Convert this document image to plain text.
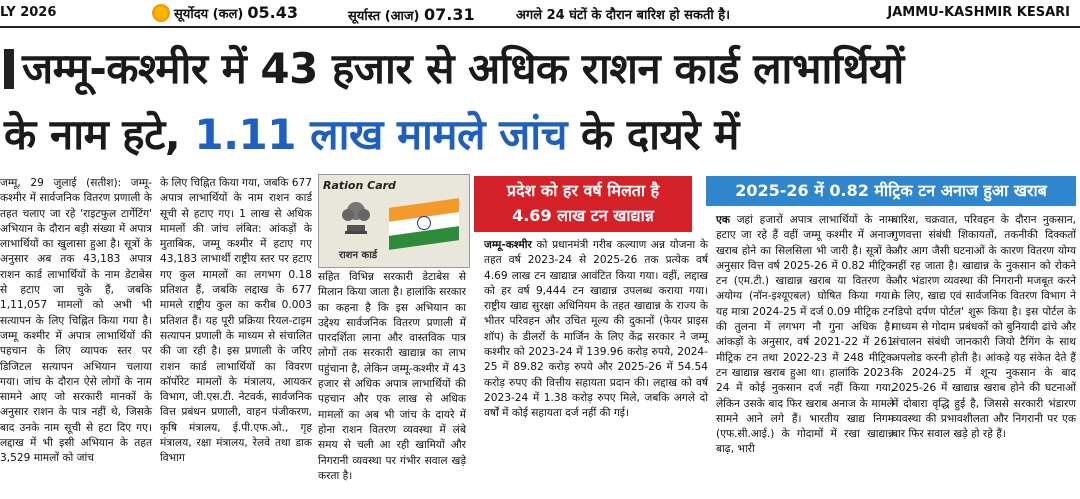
LY 2026	सूर्योदय (कल) 05.43	सूर्यास्त (आज) 07.31	अगले 24 घंटों के दौरान बारिश हो सकती है।	JAMMU-KASHMIR KESARI
जम्मू-कश्मीर में 43 हजार से अधिक राशन कार्ड लाभार्थियों
के नाम हटे, 1.11 लाख मामले जांच के दायरे में
जम्मू, 29 जुलाई (सतीश): जम्मू-कश्मीर में सार्वजनिक वितरण प्रणाली के तहत चलाए जा रहे 'राइटफुल टार्गेटिंग' अभियान के दौरान बड़ी संख्या में अपात्र लाभार्थियों का खुलासा हुआ है। सूत्रों के अनुसार अब तक 43,183 अपात्र राशन कार्ड लाभार्थियों के नाम डेटाबेस से हटाए जा चुके हैं, जबकि 1,11,057 मामलों को अभी भी सत्यापन के लिए चिह्नित किया गया है। जम्मू कश्मीर में अपात्र लाभार्थियों की पहचान के लिए व्यापक स्तर पर डिजिटल सत्यापन अभियान चलाया गया। जांच के दौरान ऐसे लोगों के नाम सामने आए जो सरकारी मानकों के अनुसार राशन के पात्र नहीं थे, जिसके बाद उनके नाम सूची से हटा दिए गए। लद्दाख में भी इसी अभियान के तहत 3,529 मामलों को जांच
के लिए चिह्नित किया गया, जबकि 677 अपात्र लाभार्थियों के नाम राशन कार्ड सूची से हटाए गए। 1 लाख से अधिक मामलों की जांच लंबित: आंकड़ों के मुताबिक, जम्मू कश्मीर में हटाए गए 43,183 लाभार्थी राष्ट्रीय स्तर पर हटाए गए कुल मामलों का लगभग 0.18 प्रतिशत हैं, जबकि लद्दाख के 677 मामले राष्ट्रीय कुल का करीब 0.003 प्रतिशत हैं। यह पूरी प्रक्रिया रियल-टाइम सत्यापन प्रणाली के माध्यम से संचालित की जा रही है। इस प्रणाली के जरिए राशन कार्ड लाभार्थियों का विवरण कॉर्पोरेट मामलों के मंत्रालय, आयकर विभाग, जी.एस.टी. नेटवर्क, सार्वजनिक वित्त प्रबंधन प्रणाली, वाहन पंजीकरण, कृषि मंत्रालय, ई.पी.एफ.ओ., गृह मंत्रालय, रक्षा मंत्रालय, रेलवे तथा डाक विभाग
Ration Card
राशन कार्ड
सहित विभिन्न सरकारी डेटाबेस से मिलान किया जाता है। हालांकि सरकार का कहना है कि इस अभियान का उद्देश्य सार्वजनिक वितरण प्रणाली में पारदर्शिता लाना और वास्तविक पात्र लोगों तक सरकारी खाद्यान्न का लाभ पहुंचाना है, लेकिन जम्मू-कश्मीर में 43 हजार से अधिक अपात्र लाभार्थियों की पहचान और एक लाख से अधिक मामलों का अब भी जांच के दायरे में होना राशन वितरण व्यवस्था में लंबे समय से चली आ रही खामियों और निगरानी व्यवस्था पर गंभीर सवाल खड़े करता है।
प्रदेश को हर वर्ष मिलता है
4.69 लाख टन खाद्यान्न
जम्मू-कश्मीर को प्रधानमंत्री गरीब कल्याण अन्न योजना के तहत वर्ष 2023-24 से 2025-26 तक प्रत्येक वर्ष 4.69 लाख टन खाद्यान्न आवंटित किया गया। वहीं, लद्दाख को हर वर्ष 9,444 टन खाद्यान्न उपलब्ध कराया गया। राष्ट्रीय खाद्य सुरक्षा अधिनियम के तहत खाद्यान्न के राज्य के भीतर परिवहन और उचित मूल्य की दुकानों (फेयर प्राइस शॉप) के डीलरों के मार्जिन के लिए केंद्र सरकार ने जम्मू कश्मीर को 2023-24 में 139.96 करोड़ रुपये, 2024-25 में 89.82 करोड़ रुपये और 2025-26 में 54.54 करोड़ रुपए की वित्तीय सहायता प्रदान की। लद्दाख को वर्ष 2023-24 में 1.38 करोड़ रुपए मिले, जबकि अगले दो वर्षों में कोई सहायता दर्ज नहीं की गई।
2025-26 में 0.82 मीट्रिक टन अनाज हुआ खराब
एक जहां हजारों अपात्र लाभार्थियों के नाम हटाए जा रहे हैं वहीं जम्मू कश्मीर में अनाज खराब होने का सिलसिला भी जारी है। सूत्रों के अनुसार वित्त वर्ष 2025-26 में 0.82 मीट्रिक टन (एम.टी.) खाद्यान्न खराब या वितरण के अयोग्य (नॉन-इश्यूएबल) घोषित किया गया। यह मात्रा 2024-25 में दर्ज 0.09 मीट्रिक टन की तुलना में लगभग नौ गुना अधिक है। आंकड़ों के अनुसार, वर्ष 2021-22 में 261 मीट्रिक टन तथा 2022-23 में 248 मीट्रिक टन खाद्यान्न खराब हुआ था। हालांकि 2023-24 में कोई नुकसान दर्ज नहीं किया गया, लेकिन उसके बाद फिर खराब अनाज के मामले सामने आने लगे हैं। भारतीय खाद्य निगम (एफ.सी.आई.) के गोदामों में रखा खाद्यान्न बाढ़, भारी
बारिश, चक्रवात, परिवहन के दौरान नुकसान, गुणवत्ता संबंधी शिकायतों, तकनीकी दिक्कतों और आग जैसी घटनाओं के कारण वितरण योग्य नहीं रह जाता है। खाद्यान्न के नुकसान को रोकने और भंडारण व्यवस्था की निगरानी मजबूत करने के लिए, खाद्य एवं सार्वजनिक वितरण विभाग ने 'डिपो दर्पण पोर्टल' शुरू किया है। इस पोर्टल के माध्यम से गोदाम प्रबंधकों को बुनियादी ढांचे और संचालन संबंधी जानकारी जियो टैगिंग के साथ अपलोड करनी होती है। आंकड़े यह संकेत देते हैं कि 2024-25 में शून्य नुकसान के बाद 2025-26 में खाद्यान्न खराब होने की घटनाओं में दोबारा वृद्धि हुई है, जिससे सरकारी भंडारण व्यवस्था की प्रभावशीलता और निगरानी पर एक बार फिर सवाल खड़े हो रहे हैं।
